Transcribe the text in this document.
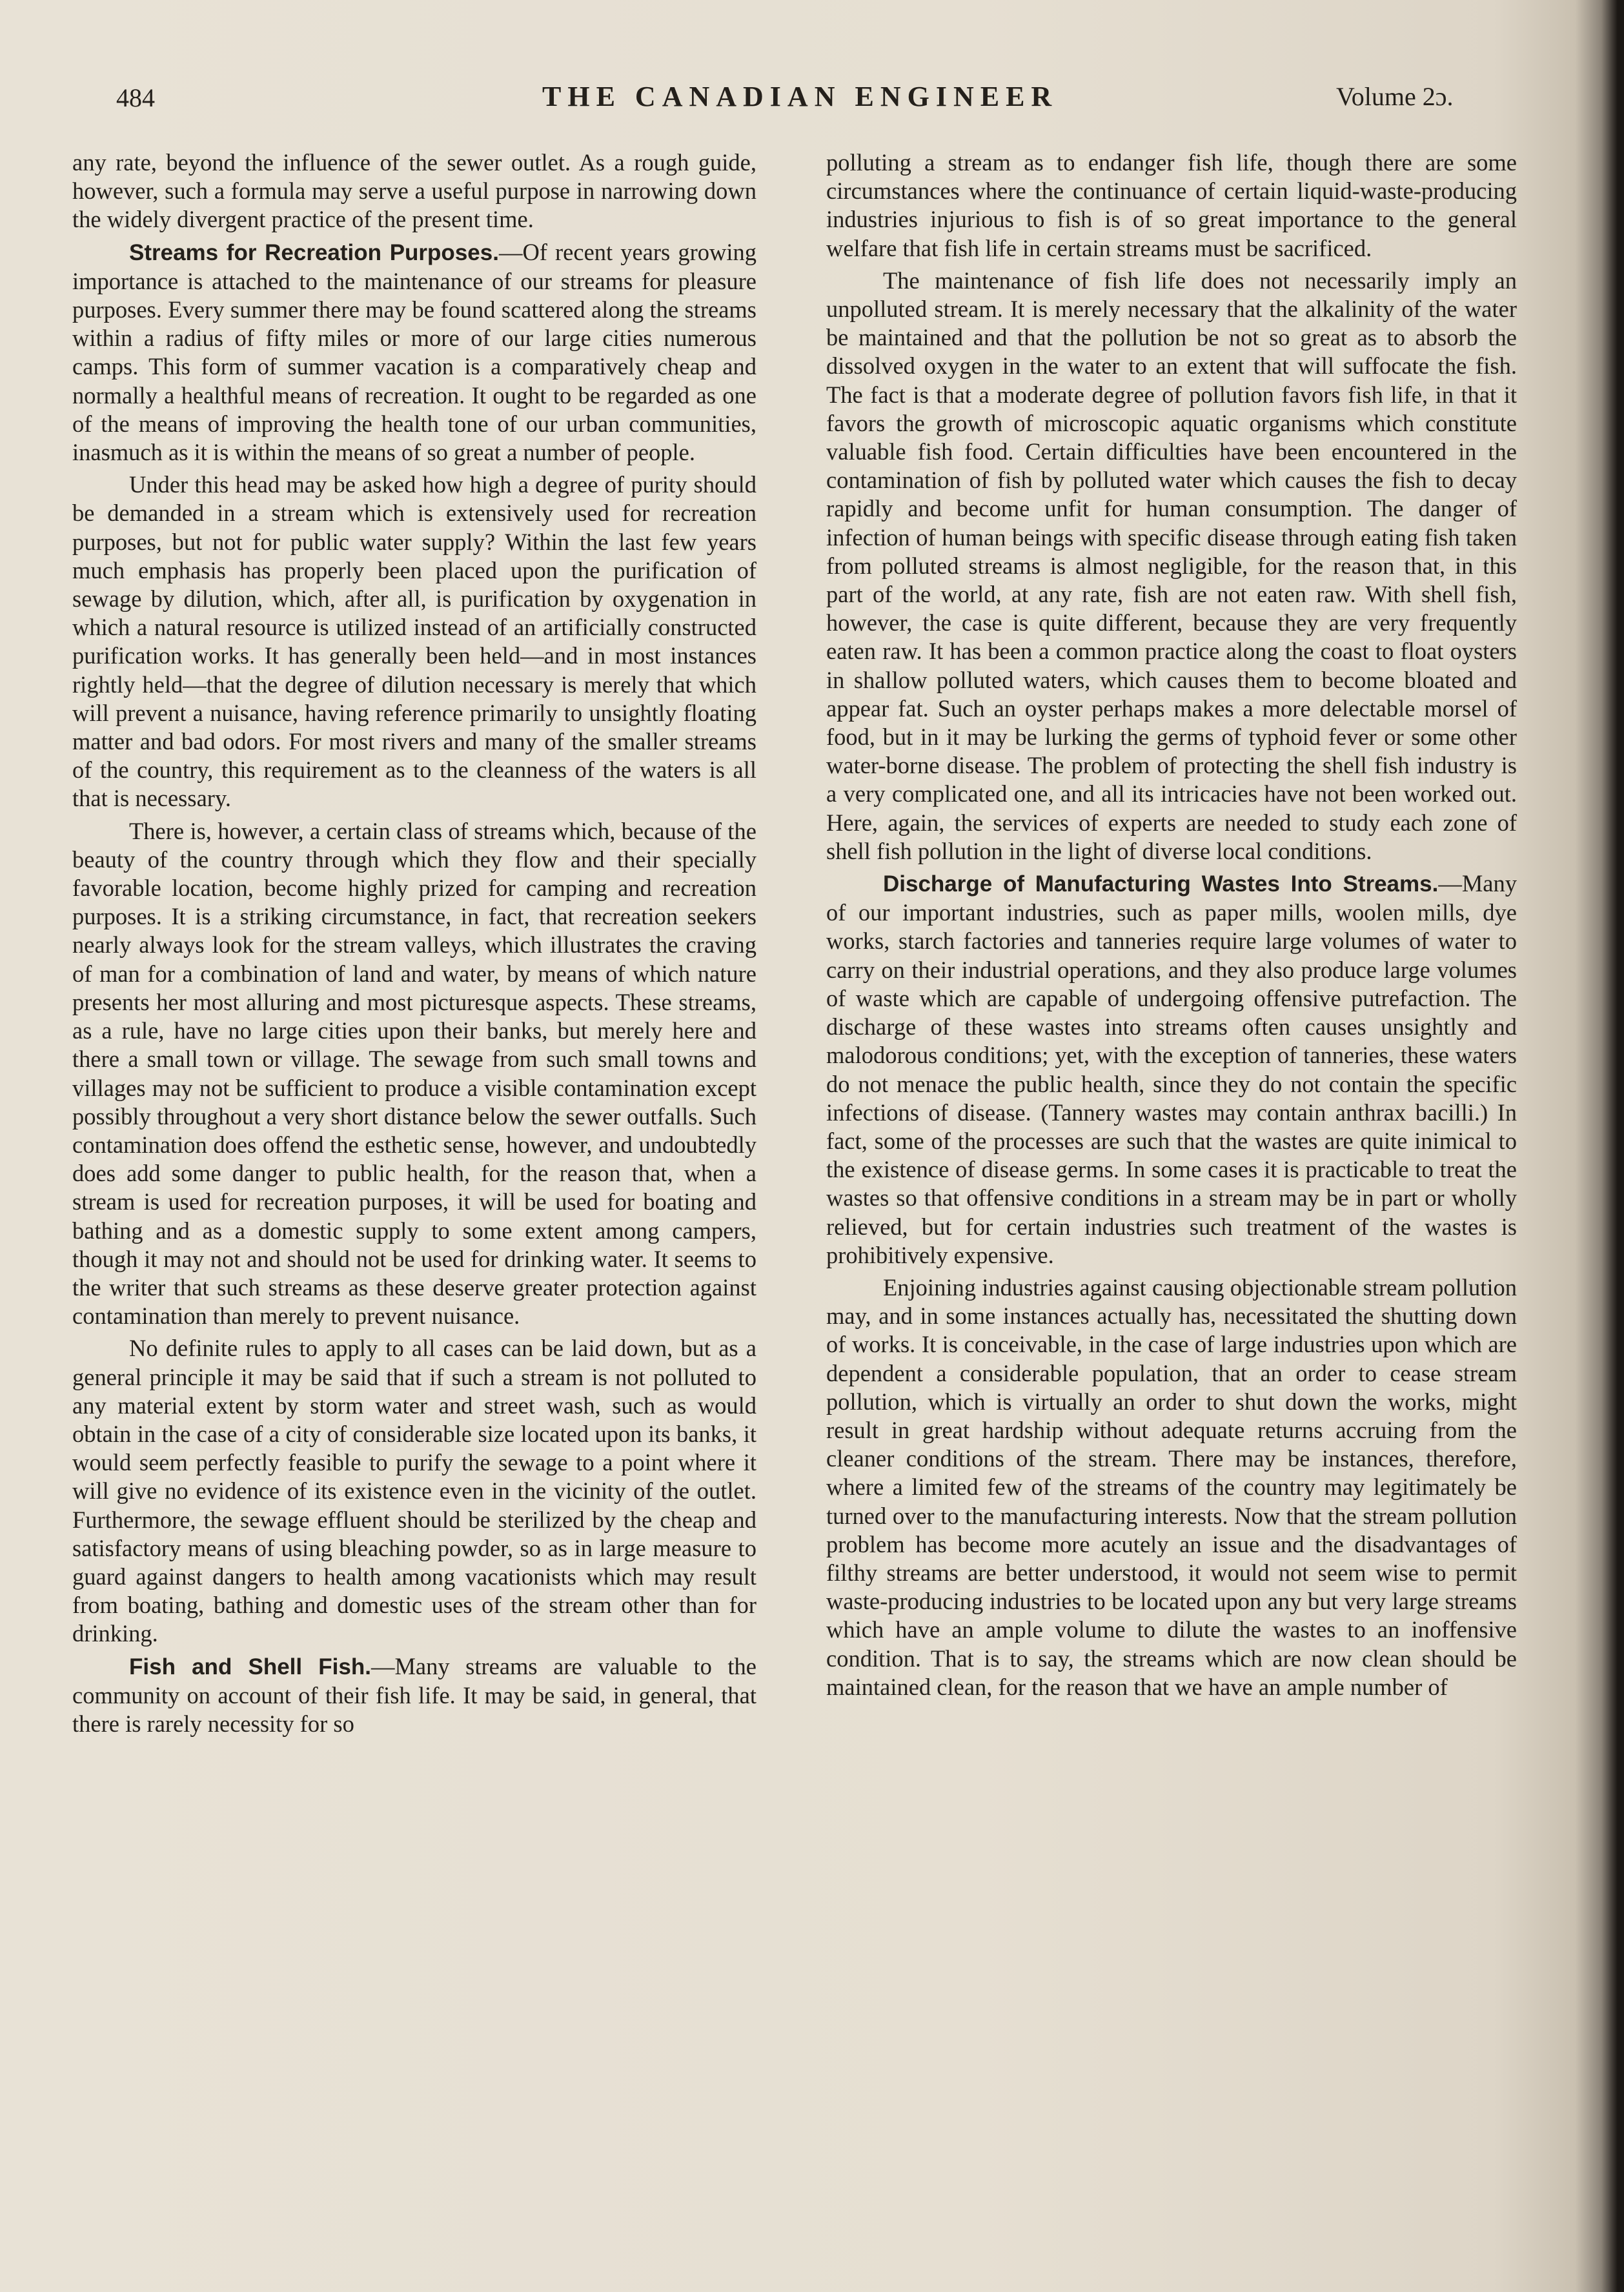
484	THE CANADIAN ENGINEER	Volume 2ɔ.

any rate, beyond the influence of the sewer outlet. As a rough guide, however, such a formula may serve a useful purpose in narrowing down the widely divergent practice of the present time.

Streams for Recreation Purposes.—Of recent years growing importance is attached to the maintenance of our streams for pleasure purposes. Every summer there may be found scattered along the streams within a radius of fifty miles or more of our large cities numerous camps. This form of summer vacation is a comparatively cheap and normally a healthful means of recreation. It ought to be regarded as one of the means of improving the health tone of our urban communities, inasmuch as it is within the means of so great a number of people.

Under this head may be asked how high a degree of purity should be demanded in a stream which is extensively used for recreation purposes, but not for public water supply? Within the last few years much emphasis has properly been placed upon the purification of sewage by dilution, which, after all, is purification by oxygenation in which a natural resource is utilized instead of an artificially constructed purification works. It has generally been held—and in most instances rightly held—that the degree of dilution necessary is merely that which will prevent a nuisance, having reference primarily to unsightly floating matter and bad odors. For most rivers and many of the smaller streams of the country, this requirement as to the cleanness of the waters is all that is necessary.

There is, however, a certain class of streams which, because of the beauty of the country through which they flow and their specially favorable location, become highly prized for camping and recreation purposes. It is a striking circumstance, in fact, that recreation seekers nearly always look for the stream valleys, which illustrates the craving of man for a combination of land and water, by means of which nature presents her most alluring and most picturesque aspects. These streams, as a rule, have no large cities upon their banks, but merely here and there a small town or village. The sewage from such small towns and villages may not be sufficient to produce a visible contamination except possibly throughout a very short distance below the sewer outfalls. Such contamination does offend the esthetic sense, however, and undoubtedly does add some danger to public health, for the reason that, when a stream is used for recreation purposes, it will be used for boating and bathing and as a domestic supply to some extent among campers, though it may not and should not be used for drinking water. It seems to the writer that such streams as these deserve greater protection against contamination than merely to prevent nuisance.

No definite rules to apply to all cases can be laid down, but as a general principle it may be said that if such a stream is not polluted to any material extent by storm water and street wash, such as would obtain in the case of a city of considerable size located upon its banks, it would seem perfectly feasible to purify the sewage to a point where it will give no evidence of its existence even in the vicinity of the outlet. Furthermore, the sewage effluent should be sterilized by the cheap and satisfactory means of using bleaching powder, so as in large measure to guard against dangers to health among vacationists which may result from boating, bathing and domestic uses of the stream other than for drinking.

Fish and Shell Fish.—Many streams are valuable to the community on account of their fish life. It may be said, in general, that there is rarely necessity for so

polluting a stream as to endanger fish life, though there are some circumstances where the continuance of certain liquid-waste-producing industries injurious to fish is of so great importance to the general welfare that fish life in certain streams must be sacrificed.

The maintenance of fish life does not necessarily imply an unpolluted stream. It is merely necessary that the alkalinity of the water be maintained and that the pollution be not so great as to absorb the dissolved oxygen in the water to an extent that will suffocate the fish. The fact is that a moderate degree of pollution favors fish life, in that it favors the growth of microscopic aquatic organisms which constitute valuable fish food. Certain difficulties have been encountered in the contamination of fish by polluted water which causes the fish to decay rapidly and become unfit for human consumption. The danger of infection of human beings with specific disease through eating fish taken from polluted streams is almost negligible, for the reason that, in this part of the world, at any rate, fish are not eaten raw. With shell fish, however, the case is quite different, because they are very frequently eaten raw. It has been a common practice along the coast to float oysters in shallow polluted waters, which causes them to become bloated and appear fat. Such an oyster perhaps makes a more delectable morsel of food, but in it may be lurking the germs of typhoid fever or some other water-borne disease. The problem of protecting the shell fish industry is a very complicated one, and all its intricacies have not been worked out. Here, again, the services of experts are needed to study each zone of shell fish pollution in the light of diverse local conditions.

Discharge of Manufacturing Wastes Into Streams.—Many of our important industries, such as paper mills, woolen mills, dye works, starch factories and tanneries require large volumes of water to carry on their industrial operations, and they also produce large volumes of waste which are capable of undergoing offensive putrefaction. The discharge of these wastes into streams often causes unsightly and malodorous conditions; yet, with the exception of tanneries, these waters do not menace the public health, since they do not contain the specific infections of disease. (Tannery wastes may contain anthrax bacilli.) In fact, some of the processes are such that the wastes are quite inimical to the existence of disease germs. In some cases it is practicable to treat the wastes so that offensive conditions in a stream may be in part or wholly relieved, but for certain industries such treatment of the wastes is prohibitively expensive.

Enjoining industries against causing objectionable stream pollution may, and in some instances actually has, necessitated the shutting down of works. It is conceivable, in the case of large industries upon which are dependent a considerable population, that an order to cease stream pollution, which is virtually an order to shut down the works, might result in great hardship without adequate returns accruing from the cleaner conditions of the stream. There may be instances, therefore, where a limited few of the streams of the country may legitimately be turned over to the manufacturing interests. Now that the stream pollution problem has become more acutely an issue and the disadvantages of filthy streams are better understood, it would not seem wise to permit waste-producing industries to be located upon any but very large streams which have an ample volume to dilute the wastes to an inoffensive condition. That is to say, the streams which are now clean should be maintained clean, for the reason that we have an ample number of
